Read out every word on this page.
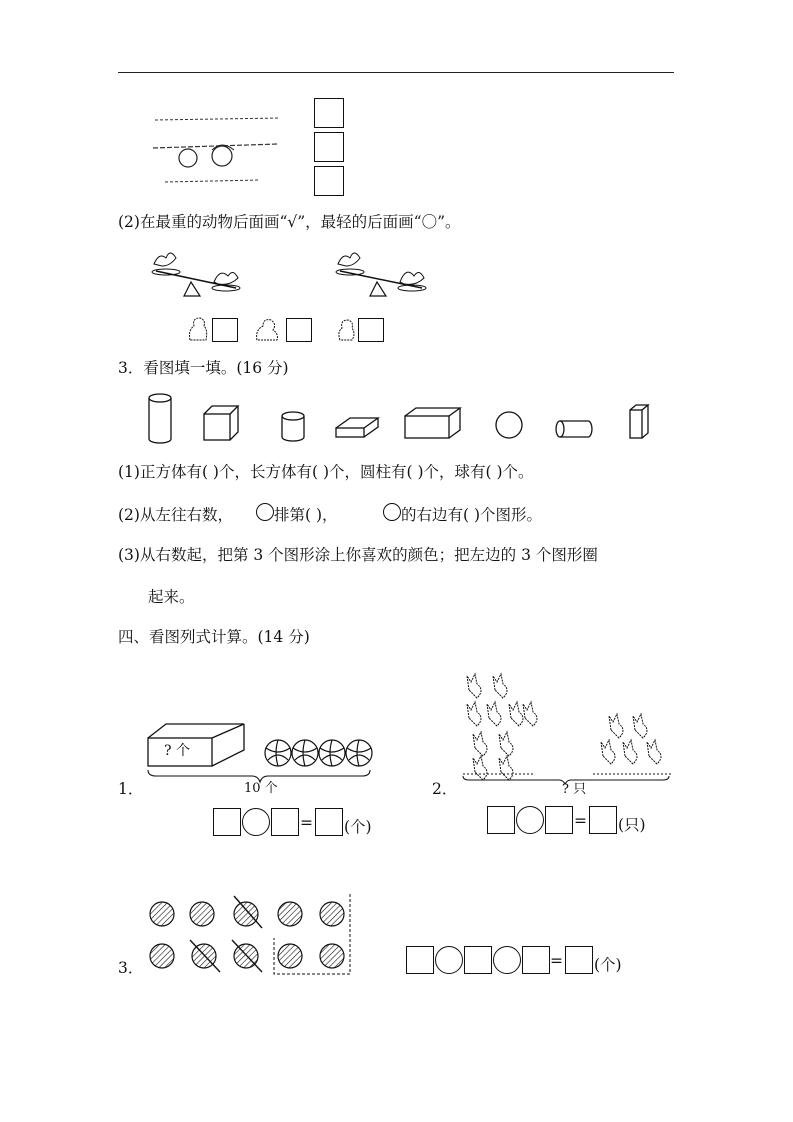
(2)在最重的动物后面画“√”，最轻的后面画“〇”。
3．看图填一填。(16 分)
(1)正方体有( )个，长方体有( )个，圆柱有( )个，球有( )个。
(2)从左往右数，	排第( )，	的右边有( )个图形。
(3)从右数起，把第 3 个图形涂上你喜欢的颜色；把左边的 3 个图形圈
起来。
四、看图列式计算。(14 分)
? 个
10 个
1．
= (个)
? 只
2．
= (只)
3．	= (个)
